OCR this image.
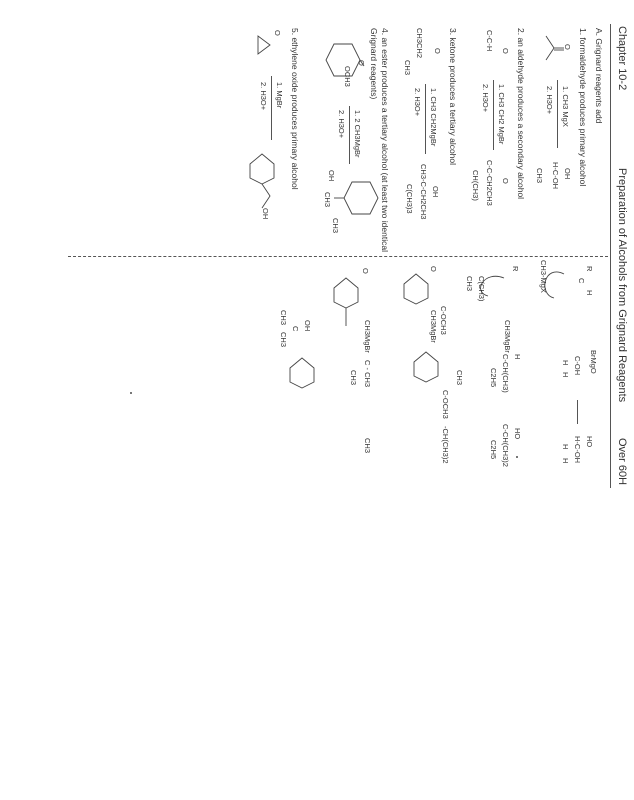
Chapter 10-2
Preparation of Alcohols from Grignard Reagents
Over 60H
A. Grignard reagents add
1. formaldehyde produces primary alcohol
O
1. CH3 MgX
2. H3O+
OH
H-C-OH
CH3
2. an aldehyde produces a secondary alcohol
O
C-C-H
1. CH3 CH2 MgBr
2. H3O+
O
C-C-CH2CH3
CH(CH3)
3. ketone produces a tertiary alcohol
O
CH3CH2
CH3
1. CH3 CH2MgBr
2. H3O+
OH
CH3-C-CH2CH3
C(CH3)3
4. an ester produces a tertiary alcohol (at least two identical
Grignard reagents)
O
OCH3
1. 2 CH3MgBr
2. H3O+
OH
CH3
CH3
5. ethylene oxide produces primary alcohol
O
1. MgBr
2. H3O+
OH
R
C
H
CH3-MgX
BrMgO
C-OH
H
H
HO
H-C-OH
H
H
R
C(CH3)
CH3
CH3MgBr
H
C-CH(CH3)
C2H5
HO
C-CH(CH3)2
C2H5
O
CH3MgBr C-OCH3
CH3
C-OCH3
-CH(CH3)2
O
CH3MgBr
C - CH3
CH3
CH3
OH
C
CH3
CH3
